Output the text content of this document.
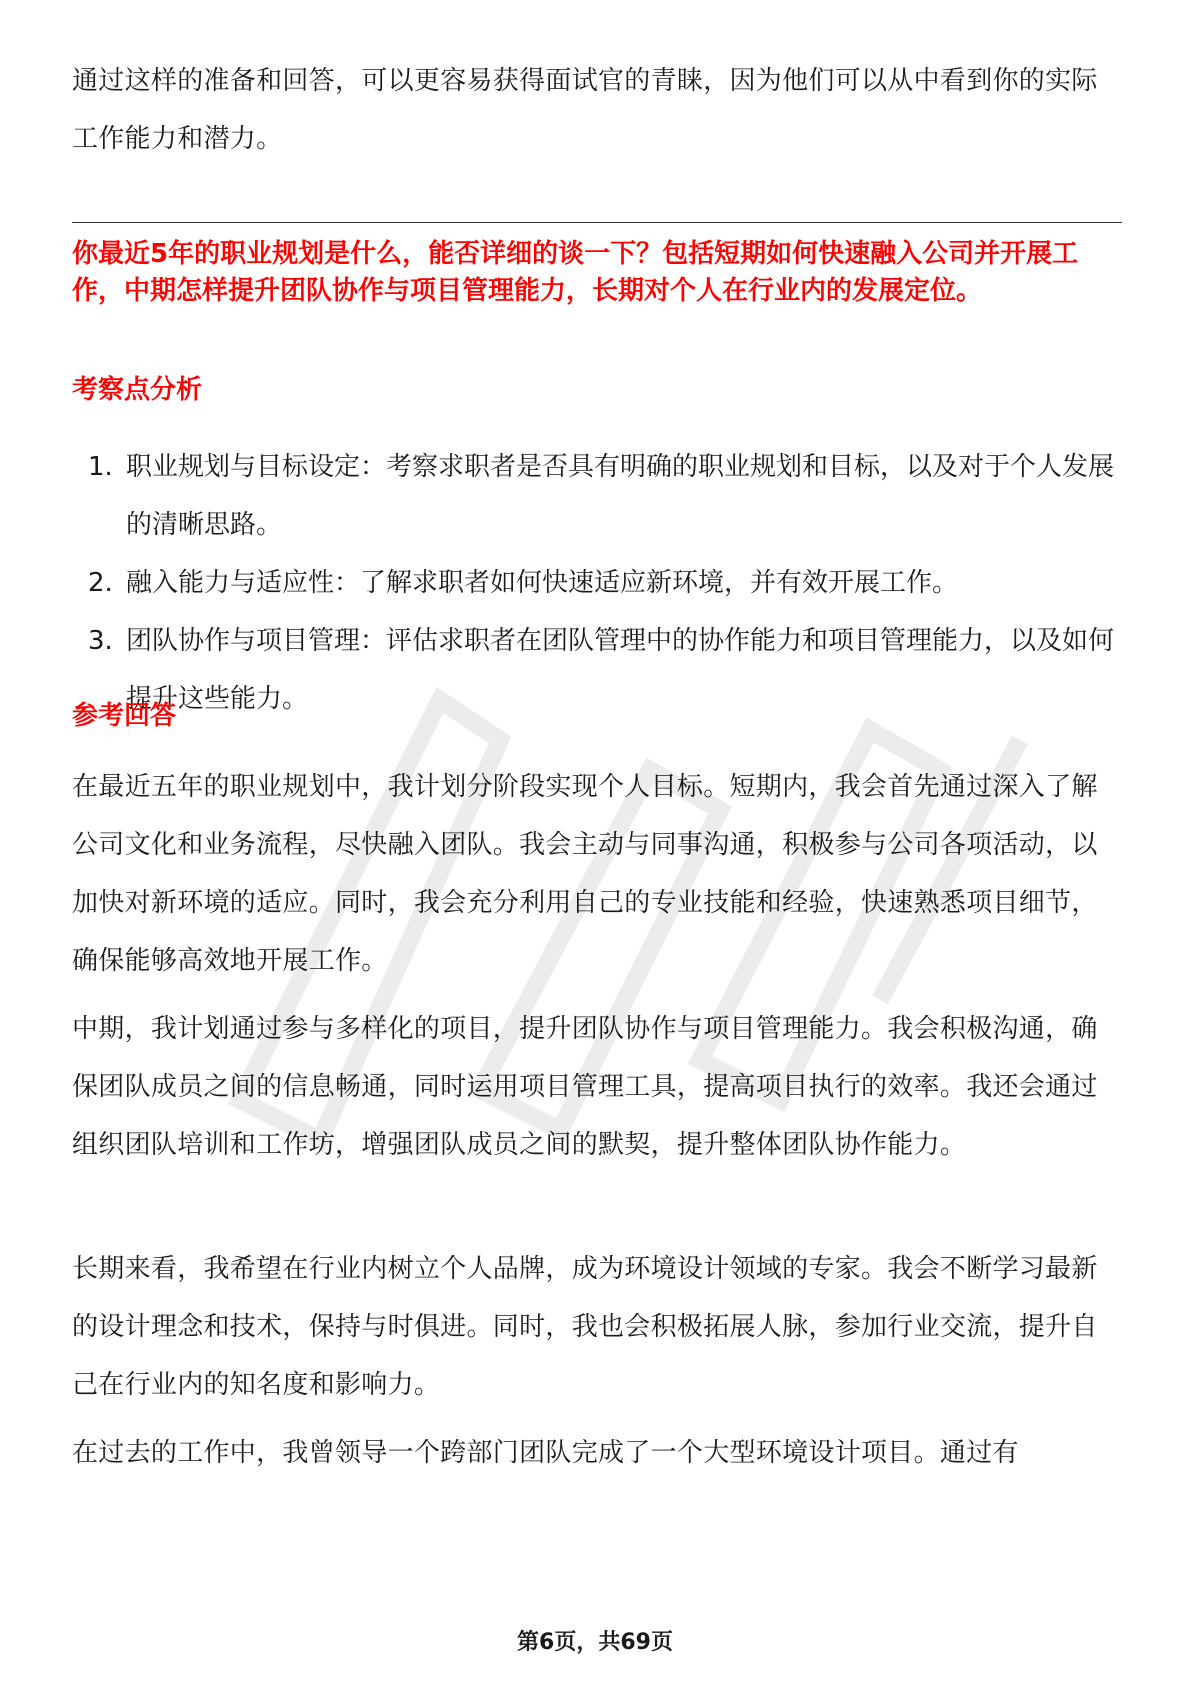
通过这样的准备和回答，可以更容易获得面试官的青睐，因为他们可以从中看到你的实际工作能力和潜力。

你最近5年的职业规划是什么，能否详细的谈一下？包括短期如何快速融入公司并开展工作，中期怎样提升团队协作与项目管理能力，长期对个人在行业内的发展定位。

考察点分析

1. 职业规划与目标设定：考察求职者是否具有明确的职业规划和目标，以及对于个人发展的清晰思路。
2. 融入能力与适应性：了解求职者如何快速适应新环境，并有效开展工作。
3. 团队协作与项目管理：评估求职者在团队管理中的协作能力和项目管理能力，以及如何提升这些能力。

参考回答

在最近五年的职业规划中，我计划分阶段实现个人目标。短期内，我会首先通过深入了解公司文化和业务流程，尽快融入团队。我会主动与同事沟通，积极参与公司各项活动，以加快对新环境的适应。同时，我会充分利用自己的专业技能和经验，快速熟悉项目细节，确保能够高效地开展工作。

中期，我计划通过参与多样化的项目，提升团队协作与项目管理能力。我会积极沟通，确保团队成员之间的信息畅通，同时运用项目管理工具，提高项目执行的效率。我还会通过组织团队培训和工作坊，增强团队成员之间的默契，提升整体团队协作能力。

长期来看，我希望在行业内树立个人品牌，成为环境设计领域的专家。我会不断学习最新的设计理念和技术，保持与时俱进。同时，我也会积极拓展人脉，参加行业交流，提升自己在行业内的知名度和影响力。

在过去的工作中，我曾领导一个跨部门团队完成了一个大型环境设计项目。通过有

第6页，共69页
